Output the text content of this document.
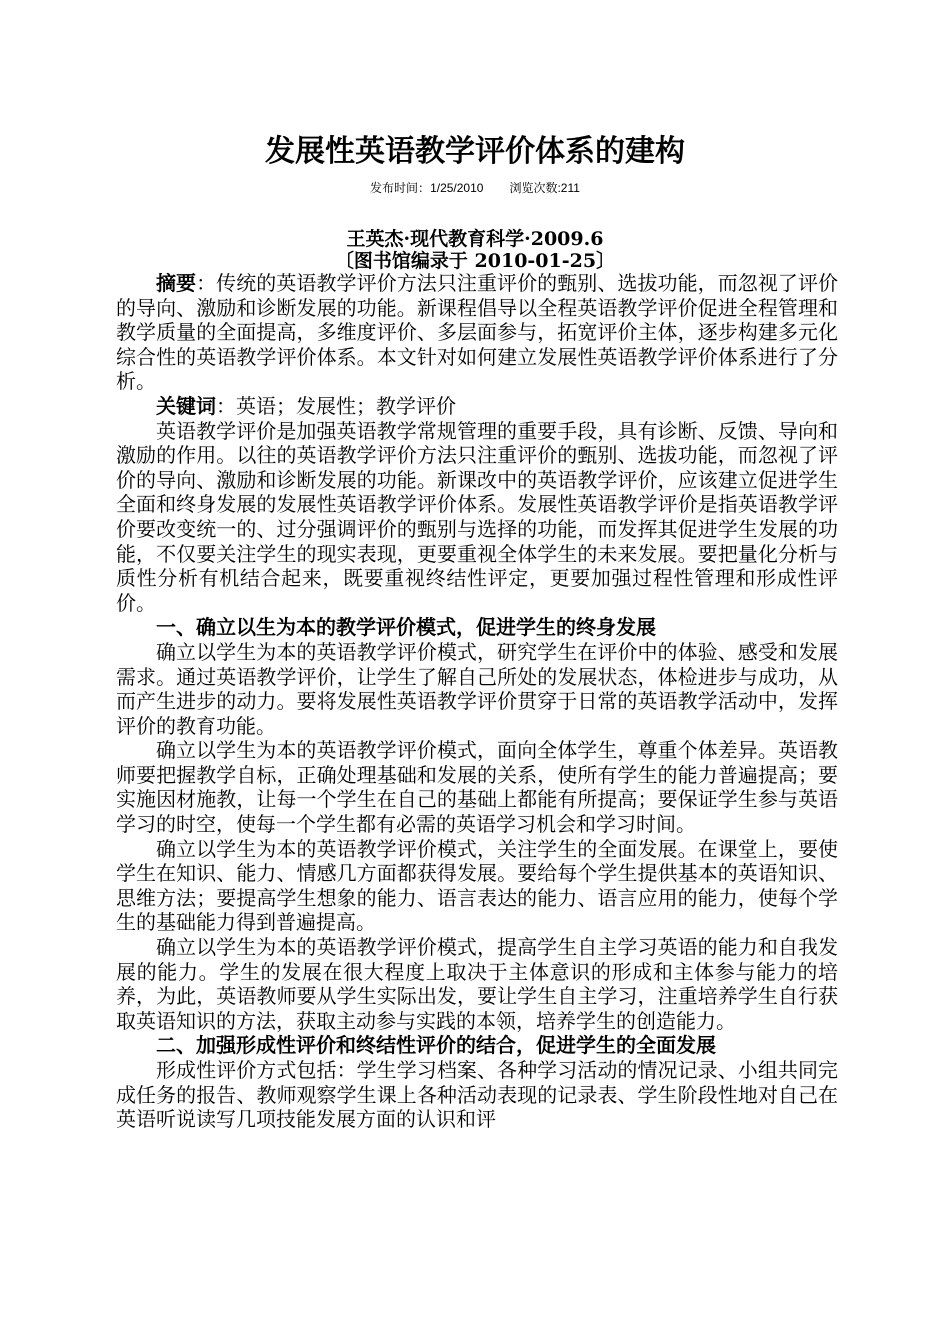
发展性英语教学评价体系的建构
发布时间：1/25/2010 浏览次数:211
王英杰·现代教育科学·2009.6
〔图书馆编录于 2010-01-25〕

摘要：传统的英语教学评价方法只注重评价的甄别、选拔功能，而忽视了评价的导向、激励和诊断发展的功能。新课程倡导以全程英语教学评价促进全程管理和教学质量的全面提高，多维度评价、多层面参与，拓宽评价主体，逐步构建多元化综合性的英语教学评价体系。本文针对如何建立发展性英语教学评价体系进行了分析。

关键词：英语；发展性；教学评价

英语教学评价是加强英语教学常规管理的重要手段，具有诊断、反馈、导向和激励的作用。以往的英语教学评价方法只注重评价的甄别、选拔功能，而忽视了评价的导向、激励和诊断发展的功能。新课改中的英语教学评价，应该建立促进学生全面和终身发展的发展性英语教学评价体系。发展性英语教学评价是指英语教学评价要改变统一的、过分强调评价的甄别与选择的功能，而发挥其促进学生发展的功能，不仅要关注学生的现实表现，更要重视全体学生的未来发展。要把量化分析与质性分析有机结合起来，既要重视终结性评定，更要加强过程性管理和形成性评价。

一、确立以生为本的教学评价模式，促进学生的终身发展

确立以学生为本的英语教学评价模式，研究学生在评价中的体验、感受和发展需求。通过英语教学评价，让学生了解自己所处的发展状态，体检进步与成功，从而产生进步的动力。要将发展性英语教学评价贯穿于日常的英语教学活动中，发挥评价的教育功能。

确立以学生为本的英语教学评价模式，面向全体学生，尊重个体差异。英语教师要把握教学自标，正确处理基础和发展的关系，使所有学生的能力普遍提高；要实施因材施教，让每一个学生在自己的基础上都能有所提高；要保证学生参与英语学习的时空，使每一个学生都有必需的英语学习机会和学习时间。

确立以学生为本的英语教学评价模式，关注学生的全面发展。在课堂上，要使学生在知识、能力、情感几方面都获得发展。要给每个学生提供基本的英语知识、思维方法；要提高学生想象的能力、语言表达的能力、语言应用的能力，使每个学生的基础能力得到普遍提高。

确立以学生为本的英语教学评价模式，提高学生自主学习英语的能力和自我发展的能力。学生的发展在很大程度上取决于主体意识的形成和主体参与能力的培养，为此，英语教师要从学生实际出发，要让学生自主学习，注重培养学生自行获取英语知识的方法，获取主动参与实践的本领，培养学生的创造能力。

二、加强形成性评价和终结性评价的结合，促进学生的全面发展

形成性评价方式包括：学生学习档案、各种学习活动的情况记录、小组共同完成任务的报告、教师观察学生课上各种活动表现的记录表、学生阶段性地对自己在英语听说读写几项技能发展方面的认识和评
